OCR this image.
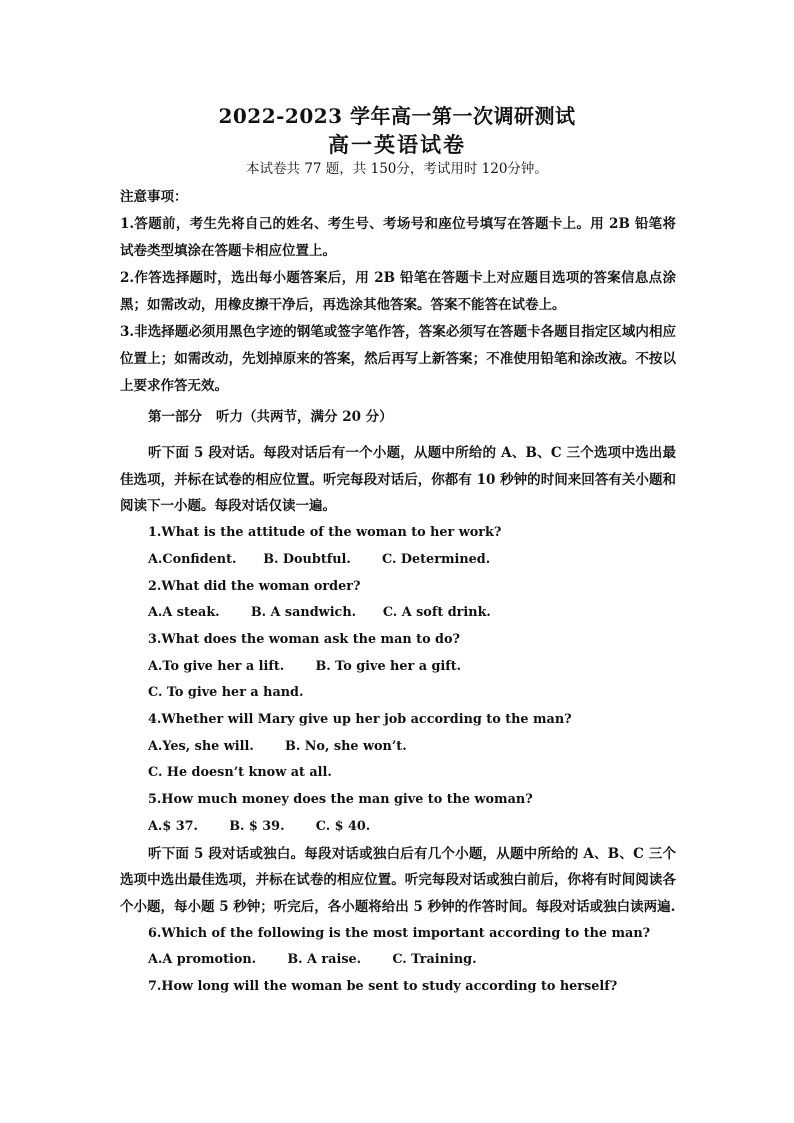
2022-2023 学年高一第一次调研测试
高一英语试卷
本试卷共 77 题，共 150分，考试用时 120分钟。

注意事项：

1.答题前，考生先将自己的姓名、考生号、考场号和座位号填写在答题卡上。用 2B 铅笔将试卷类型填涂在答题卡相应位置上。

2.作答选择题时，选出每小题答案后，用 2B 铅笔在答题卡上对应题目选项的答案信息点涂黑；如需改动，用橡皮擦干净后，再选涂其他答案。答案不能答在试卷上。

3.非选择题必须用黑色字迹的钢笔或签字笔作答，答案必须写在答题卡各题目指定区域内相应位置上；如需改动，先划掉原来的答案，然后再写上新答案；不准使用铅笔和涂改液。不按以上要求作答无效。

第一部分 听力（共两节，满分 20 分）

听下面 5 段对话。每段对话后有一个小题，从题中所给的 A、B、C 三个选项中选出最佳选项，并标在试卷的相应位置。听完每段对话后，你都有 10 秒钟的时间来回答有关小题和阅读下一小题。每段对话仅读一遍。

1.What is the attitude of the woman to her work?

A.Confident.      B. Doubtful.       C. Determined.

2.What did the woman order?

A.A steak.       B. A sandwich.      C. A soft drink.

3.What does the woman ask the man to do?

A.To give her a lift.       B. To give her a gift.

C. To give her a hand.

4.Whether will Mary give up her job according to the man?

A.Yes, she will.       B. No, she won’t.

C. He doesn’t know at all.

5.How much money does the man give to the woman?

A.$ 37.       B. $ 39.       C. $ 40.

听下面 5 段对话或独白。每段对话或独白后有几个小题，从题中所给的 A、B、C 三个选项中选出最佳选项，并标在试卷的相应位置。听完每段对话或独白前后，你将有时间阅读各个小题，每小题 5 秒钟；听完后，各小题将给出 5 秒钟的作答时间。每段对话或独白读两遍.

6.Which of the following is the most important according to the man?

A.A promotion.       B. A raise.       C. Training.

7.How long will the woman be sent to study according to herself?
